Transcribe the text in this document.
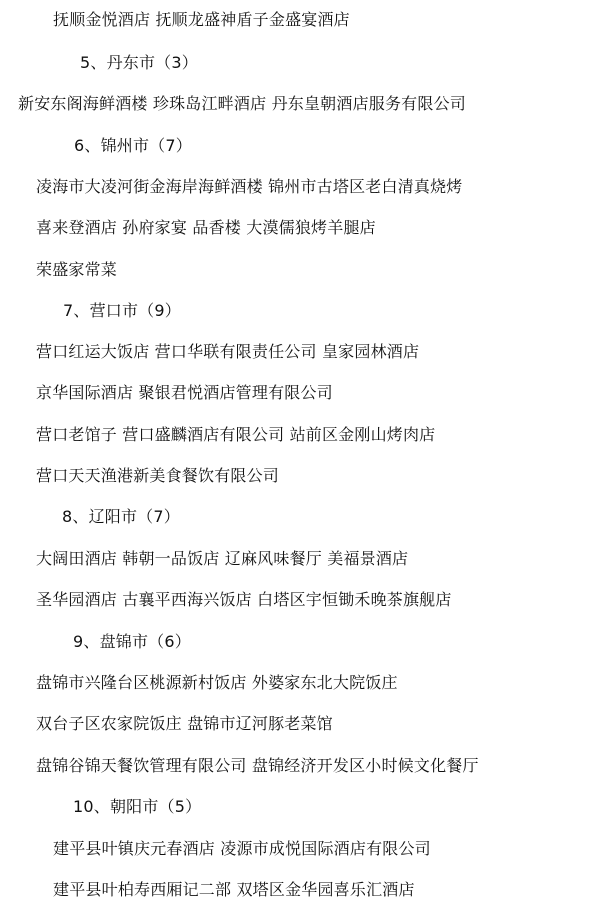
抚顺金悦酒店 抚顺龙盛神盾子金盛宴酒店
5、丹东市（3）
新安东阁海鲜酒楼 珍珠岛江畔酒店 丹东皇朝酒店服务有限公司
6、锦州市（7）
凌海市大凌河街金海岸海鲜酒楼 锦州市古塔区老白清真烧烤
喜来登酒店 孙府家宴 品香楼 大漠儒狼烤羊腿店
荣盛家常菜
7、营口市（9）
营口红运大饭店 营口华联有限责任公司 皇家园林酒店
京华国际酒店 聚银君悦酒店管理有限公司
营口老馆子 营口盛麟酒店有限公司 站前区金刚山烤肉店
营口天天渔港新美食餐饮有限公司
8、辽阳市（7）
大阔田酒店 韩朝一品饭店 辽麻风味餐厅 美福景酒店
圣华园酒店 古襄平西海兴饭店 白塔区宇恒锄禾晚茶旗舰店
9、盘锦市（6）
盘锦市兴隆台区桃源新村饭店 外婆家东北大院饭庄
双台子区农家院饭庄 盘锦市辽河豚老菜馆
盘锦谷锦天餐饮管理有限公司 盘锦经济开发区小时候文化餐厅
10、朝阳市（5）
建平县叶镇庆元春酒店 凌源市成悦国际酒店有限公司
建平县叶柏寿西厢记二部 双塔区金华园喜乐汇酒店
